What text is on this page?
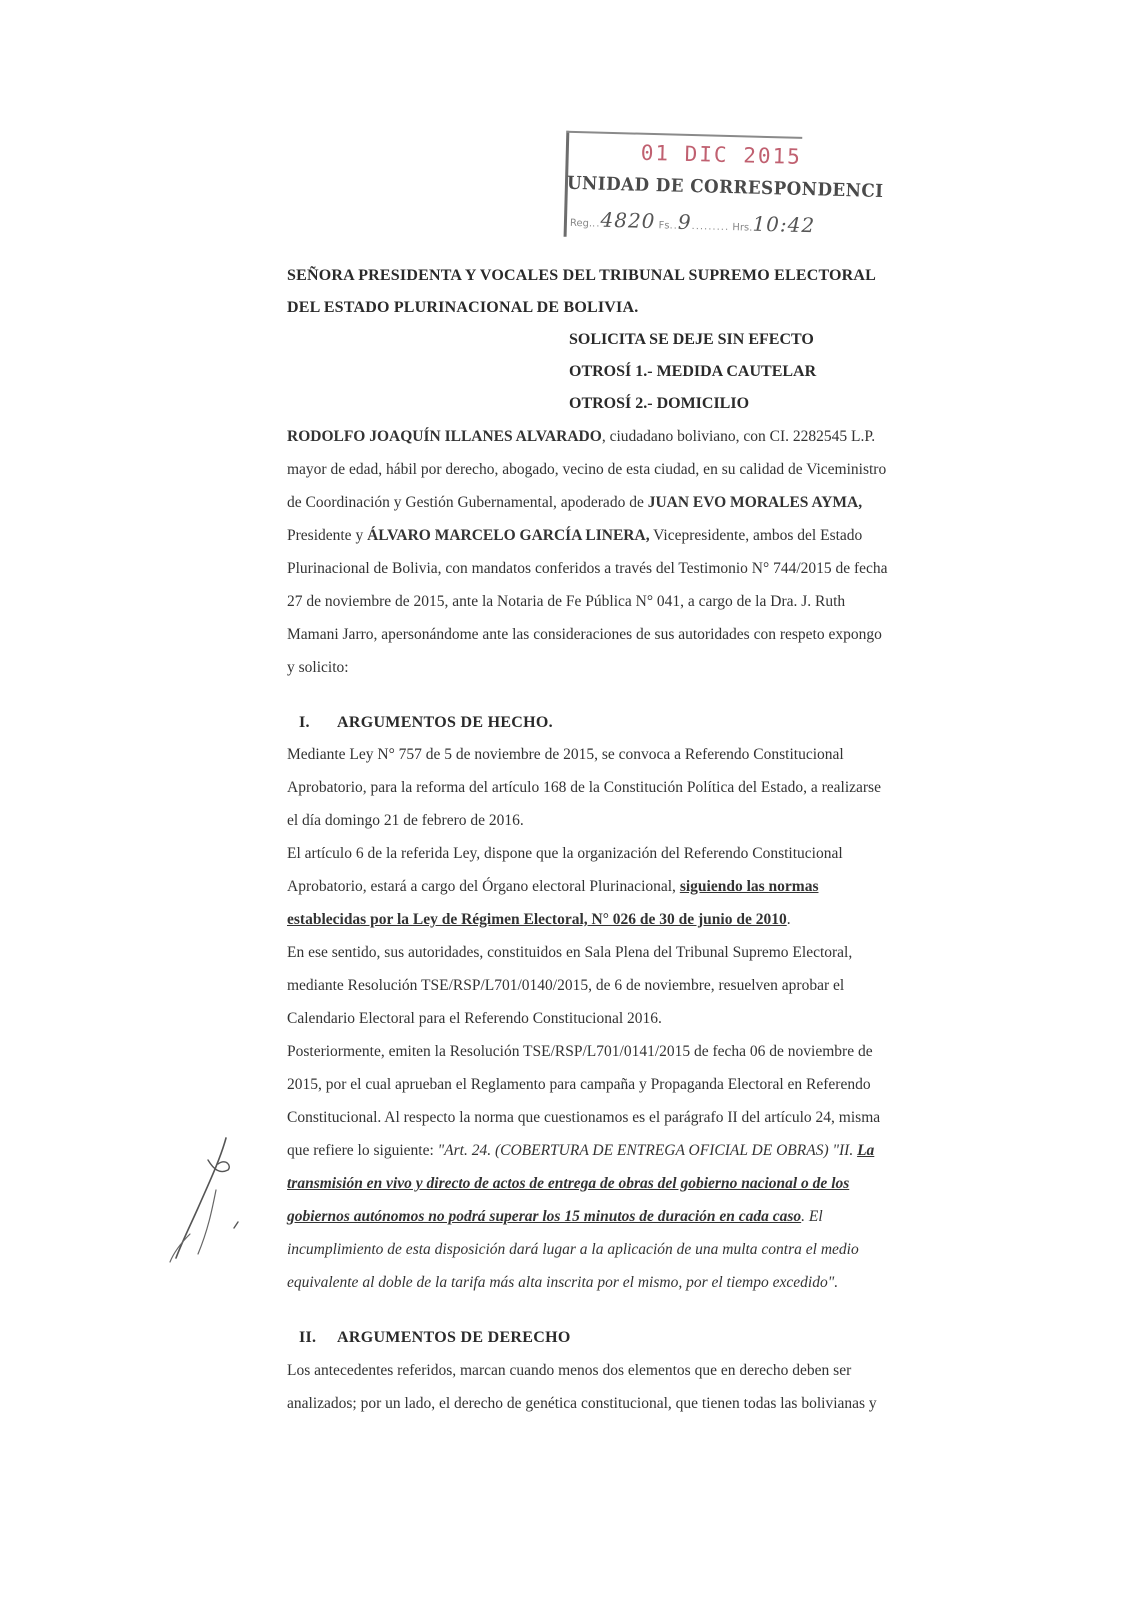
01 DIC 2015
UNIDAD DE CORRESPONDENCI
Reg...4820 Fs..9......... Hrs.10:42
SEÑORA PRESIDENTA Y VOCALES DEL TRIBUNAL SUPREMO ELECTORAL
DEL ESTADO PLURINACIONAL DE BOLIVIA.
SOLICITA SE DEJE SIN EFECTO
OTROSÍ 1.- MEDIDA CAUTELAR
OTROSÍ 2.- DOMICILIO
RODOLFO JOAQUÍN ILLANES ALVARADO, ciudadano boliviano, con CI. 2282545 L.P.
mayor de edad, hábil por derecho, abogado, vecino de esta ciudad, en su calidad de Viceministro
de Coordinación y Gestión Gubernamental, apoderado de JUAN EVO MORALES AYMA,
Presidente y ÁLVARO MARCELO GARCÍA LINERA, Vicepresidente, ambos del Estado
Plurinacional de Bolivia, con mandatos conferidos a través del Testimonio N° 744/2015 de fecha
27 de noviembre de 2015, ante la Notaria de Fe Pública N° 041, a cargo de la Dra. J. Ruth
Mamani Jarro, apersonándome ante las consideraciones de sus autoridades con respeto expongo
y solicito:
I. ARGUMENTOS DE HECHO.
Mediante Ley N° 757 de 5 de noviembre de 2015, se convoca a Referendo Constitucional
Aprobatorio, para la reforma del artículo 168 de la Constitución Política del Estado, a realizarse
el día domingo 21 de febrero de 2016.
El artículo 6 de la referida Ley, dispone que la organización del Referendo Constitucional
Aprobatorio, estará a cargo del Órgano electoral Plurinacional, siguiendo las normas
establecidas por la Ley de Régimen Electoral, N° 026 de 30 de junio de 2010.
En ese sentido, sus autoridades, constituidos en Sala Plena del Tribunal Supremo Electoral,
mediante Resolución TSE/RSP/L701/0140/2015, de 6 de noviembre, resuelven aprobar el
Calendario Electoral para el Referendo Constitucional 2016.
Posteriormente, emiten la Resolución TSE/RSP/L701/0141/2015 de fecha 06 de noviembre de
2015, por el cual aprueban el Reglamento para campaña y Propaganda Electoral en Referendo
Constitucional. Al respecto la norma que cuestionamos es el parágrafo II del artículo 24, misma
que refiere lo siguiente: "Art. 24. (COBERTURA DE ENTREGA OFICIAL DE OBRAS) "II. La
transmisión en vivo y directo de actos de entrega de obras del gobierno nacional o de los
gobiernos autónomos no podrá superar los 15 minutos de duración en cada caso. El
incumplimiento de esta disposición dará lugar a la aplicación de una multa contra el medio
equivalente al doble de la tarifa más alta inscrita por el mismo, por el tiempo excedido".
II. ARGUMENTOS DE DERECHO
Los antecedentes referidos, marcan cuando menos dos elementos que en derecho deben ser
analizados; por un lado, el derecho de genética constitucional, que tienen todas las bolivianas y
